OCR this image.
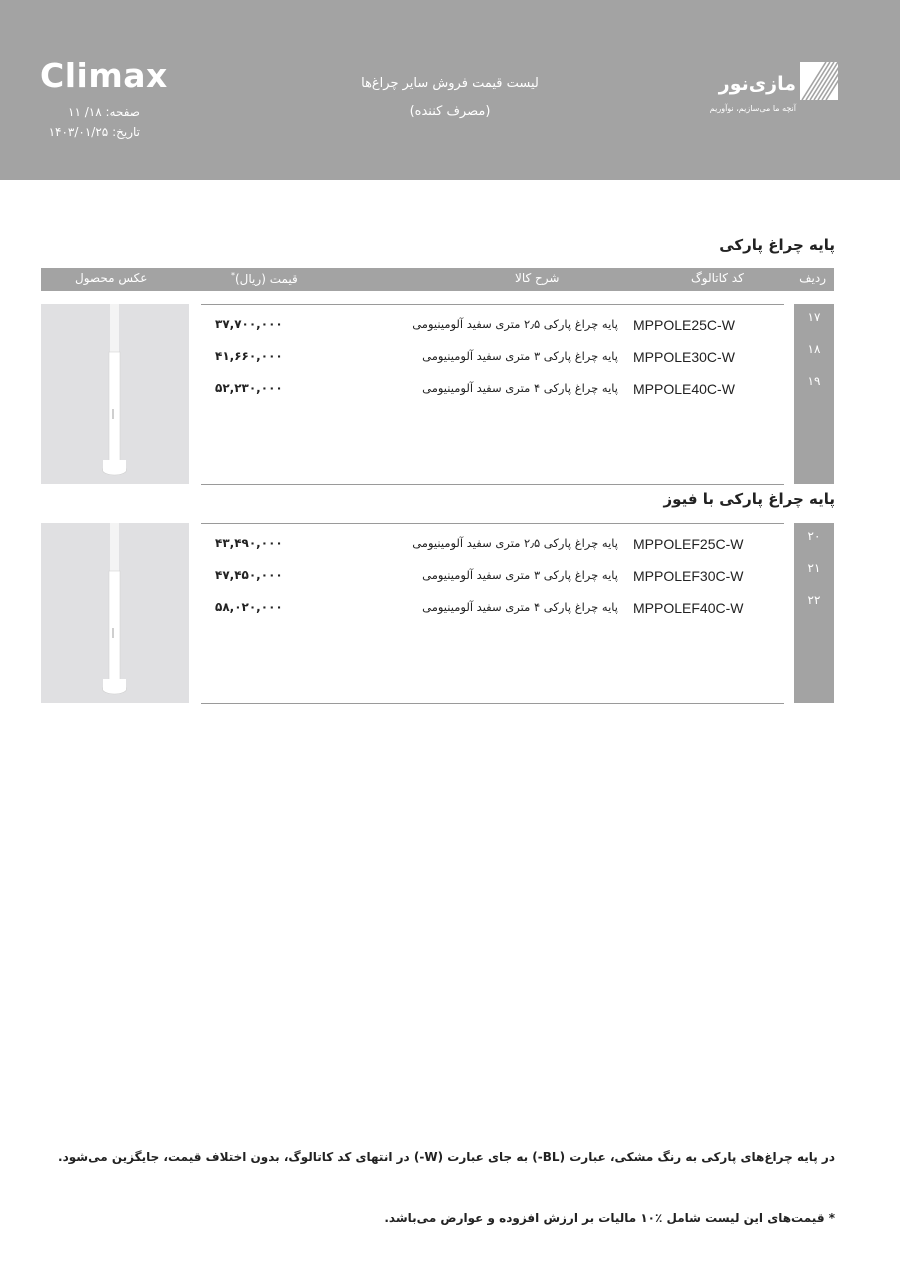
Climax
صفحه: ۱۸/ ۱۱
تاریخ: ۱۴۰۳/۰۱/۲۵
لیست قیمت فروش سایر چراغ‌ها
(مصرف کننده)
مازی‌نور
آنچه ما می‌سازیم، نوآوریم
پایه چراغ پارکی
ردیف
کد کاتالوگ
شرح کالا
قیمت (ریال)*
عکس محصول
۱۷
۱۸
۱۹
MPPOLE25C-W
پایه چراغ پارکی ۲٫۵ متری سفید آلومینیومی
۳۷,۷۰۰,۰۰۰
MPPOLE30C-W
پایه چراغ پارکی ۳ متری سفید آلومینیومی
۴۱,۶۶۰,۰۰۰
MPPOLE40C-W
پایه چراغ پارکی ۴ متری سفید آلومینیومی
۵۲,۲۳۰,۰۰۰
پایه چراغ پارکی با فیوز
۲۰
۲۱
۲۲
MPPOLEF25C-W
پایه چراغ پارکی ۲٫۵ متری سفید آلومینیومی
۴۳,۴۹۰,۰۰۰
MPPOLEF30C-W
پایه چراغ پارکی ۳ متری سفید آلومینیومی
۴۷,۴۵۰,۰۰۰
MPPOLEF40C-W
پایه چراغ پارکی ۴ متری سفید آلومینیومی
۵۸,۰۲۰,۰۰۰
در پایه چراغ‌های پارکی به رنگ مشکی، عبارت (BL-) به جای عبارت (W-) در انتهای کد کاتالوگ، بدون اختلاف قیمت، جایگزین می‌شود.
* قیمت‌های این لیست شامل ٪۱۰ مالیات بر ارزش افزوده و عوارض می‌باشد.
